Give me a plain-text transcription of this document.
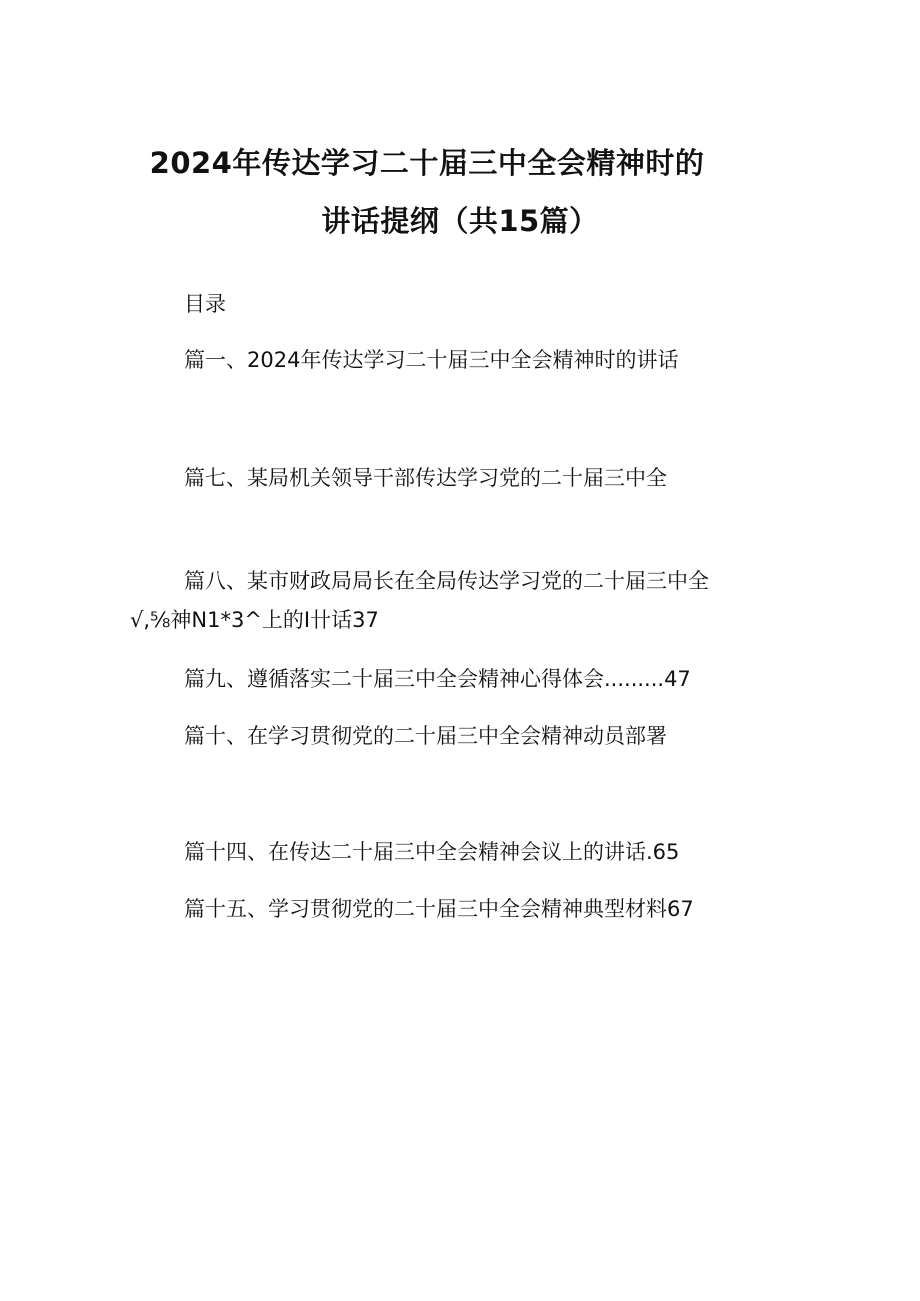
2024年传达学习二十届三中全会精神时的
讲话提纲（共15篇）
目录
篇一、2024年传达学习二十届三中全会精神时的讲话
篇七、某局机关领导干部传达学习党的二十届三中全
篇八、某市财政局局长在全局传达学习党的二十届三中全
√,⅝神N1*3^上的I卄话37
篇九、遵循落实二十届三中全会精神心得体会.........47
篇十、在学习贯彻党的二十届三中全会精神动员部署
篇十四、在传达二十届三中全会精神会议上的讲话.65
篇十五、学习贯彻党的二十届三中全会精神典型材料67
